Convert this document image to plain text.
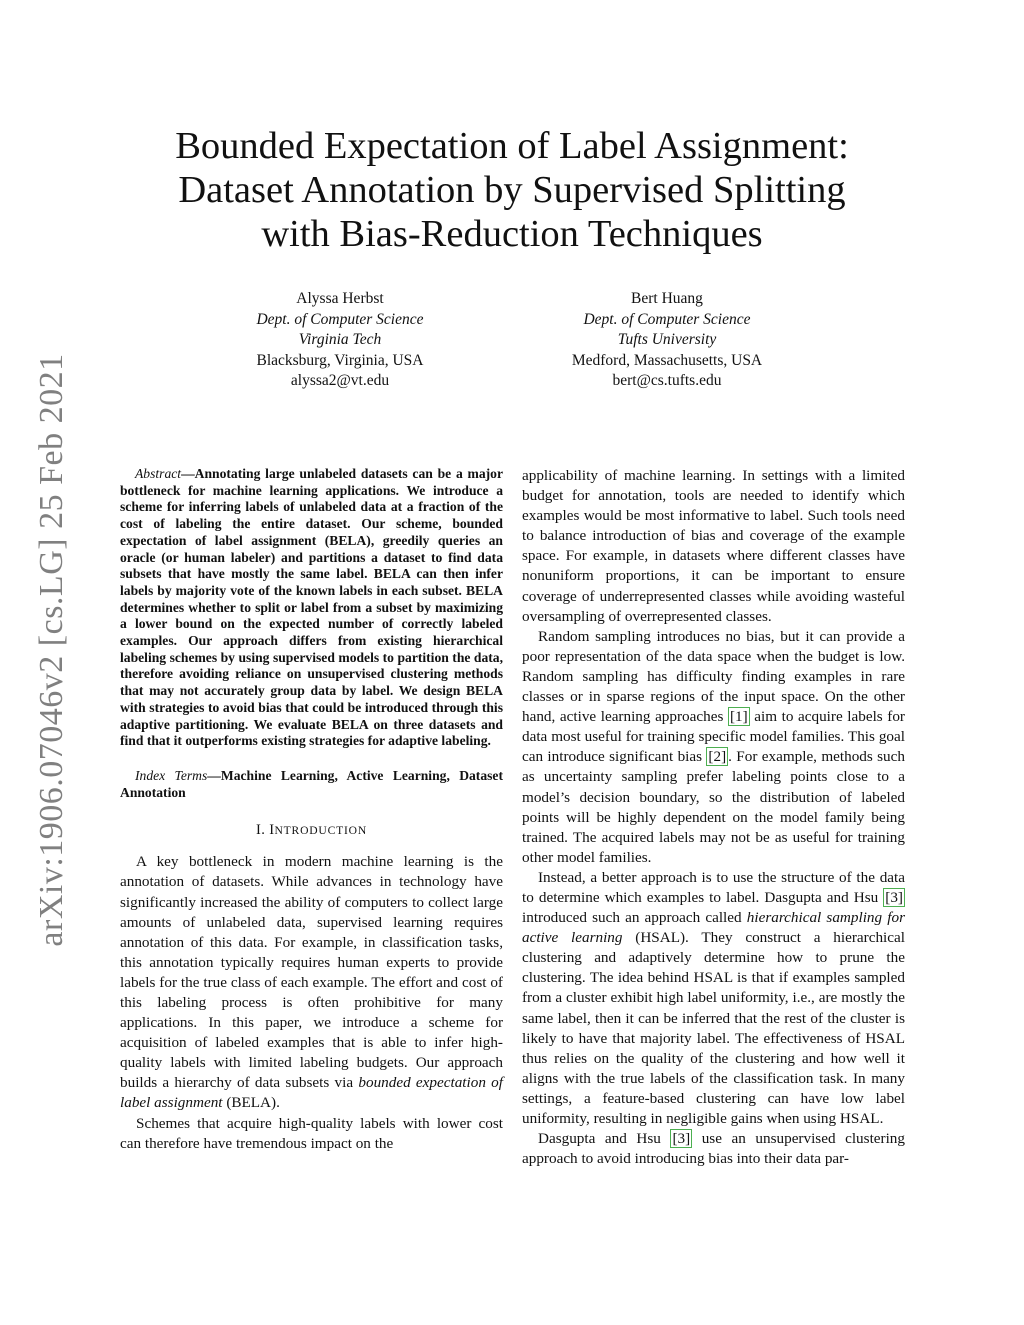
arXiv:1906.07046v2 [cs.LG] 25 Feb 2021
Bounded Expectation of Label Assignment:
Dataset Annotation by Supervised Splitting
with Bias-Reduction Techniques
Alyssa Herbst
Dept. of Computer Science
Virginia Tech
Blacksburg, Virginia, USA
alyssa2@vt.edu
Bert Huang
Dept. of Computer Science
Tufts University
Medford, Massachusetts, USA
bert@cs.tufts.edu

Abstract—Annotating large unlabeled datasets can be a major bottleneck for machine learning applications. We introduce a scheme for inferring labels of unlabeled data at a fraction of the cost of labeling the entire dataset. Our scheme, bounded expectation of label assignment (BELA), greedily queries an oracle (or human labeler) and partitions a dataset to find data subsets that have mostly the same label. BELA can then infer labels by majority vote of the known labels in each subset. BELA determines whether to split or label from a subset by maximizing a lower bound on the expected number of correctly labeled examples. Our approach differs from existing hierarchical labeling schemes by using supervised models to partition the data, therefore avoiding reliance on unsupervised clustering methods that may not accurately group data by label. We design BELA with strategies to avoid bias that could be introduced through this adaptive partitioning. We evaluate BELA on three datasets and find that it outperforms existing strategies for adaptive labeling.

Index Terms—Machine Learning, Active Learning, Dataset Annotation

I. INTRODUCTION

A key bottleneck in modern machine learning is the annotation of datasets. While advances in technology have significantly increased the ability of computers to collect large amounts of unlabeled data, supervised learning requires annotation of this data. For example, in classification tasks, this annotation typically requires human experts to provide labels for the true class of each example. The effort and cost of this labeling process is often prohibitive for many applications. In this paper, we introduce a scheme for acquisition of labeled examples that is able to infer high-quality labels with limited labeling budgets. Our approach builds a hierarchy of data subsets via bounded expectation of label assignment (BELA).

Schemes that acquire high-quality labels with lower cost can therefore have tremendous impact on the

applicability of machine learning. In settings with a limited budget for annotation, tools are needed to identify which examples would be most informative to label. Such tools need to balance introduction of bias and coverage of the example space. For example, in datasets where different classes have nonuniform proportions, it can be important to ensure coverage of underrepresented classes while avoiding wasteful oversampling of overrepresented classes.

Random sampling introduces no bias, but it can provide a poor representation of the data space when the budget is low. Random sampling has difficulty finding examples in rare classes or in sparse regions of the input space. On the other hand, active learning approaches [1] aim to acquire labels for data most useful for training specific model families. This goal can introduce significant bias [2] . For example, methods such as uncertainty sampling prefer labeling points close to a model’s decision boundary, so the distribution of labeled points will be highly dependent on the model family being trained. The acquired labels may not be as useful for training other model families.

Instead, a better approach is to use the structure of the data to determine which examples to label. Dasgupta and Hsu [3] introduced such an approach called hierarchical sampling for active learning (HSAL). They construct a hierarchical clustering and adaptively determine how to prune the clustering. The idea behind HSAL is that if examples sampled from a cluster exhibit high label uniformity, i.e., are mostly the same label, then it can be inferred that the rest of the cluster is likely to have that majority label. The effectiveness of HSAL thus relies on the quality of the clustering and how well it aligns with the true labels of the classification task. In many settings, a feature-based clustering can have low label uniformity, resulting in negligible gains when using HSAL.

Dasgupta and Hsu [3] use an unsupervised clustering approach to avoid introducing bias into their data par-
